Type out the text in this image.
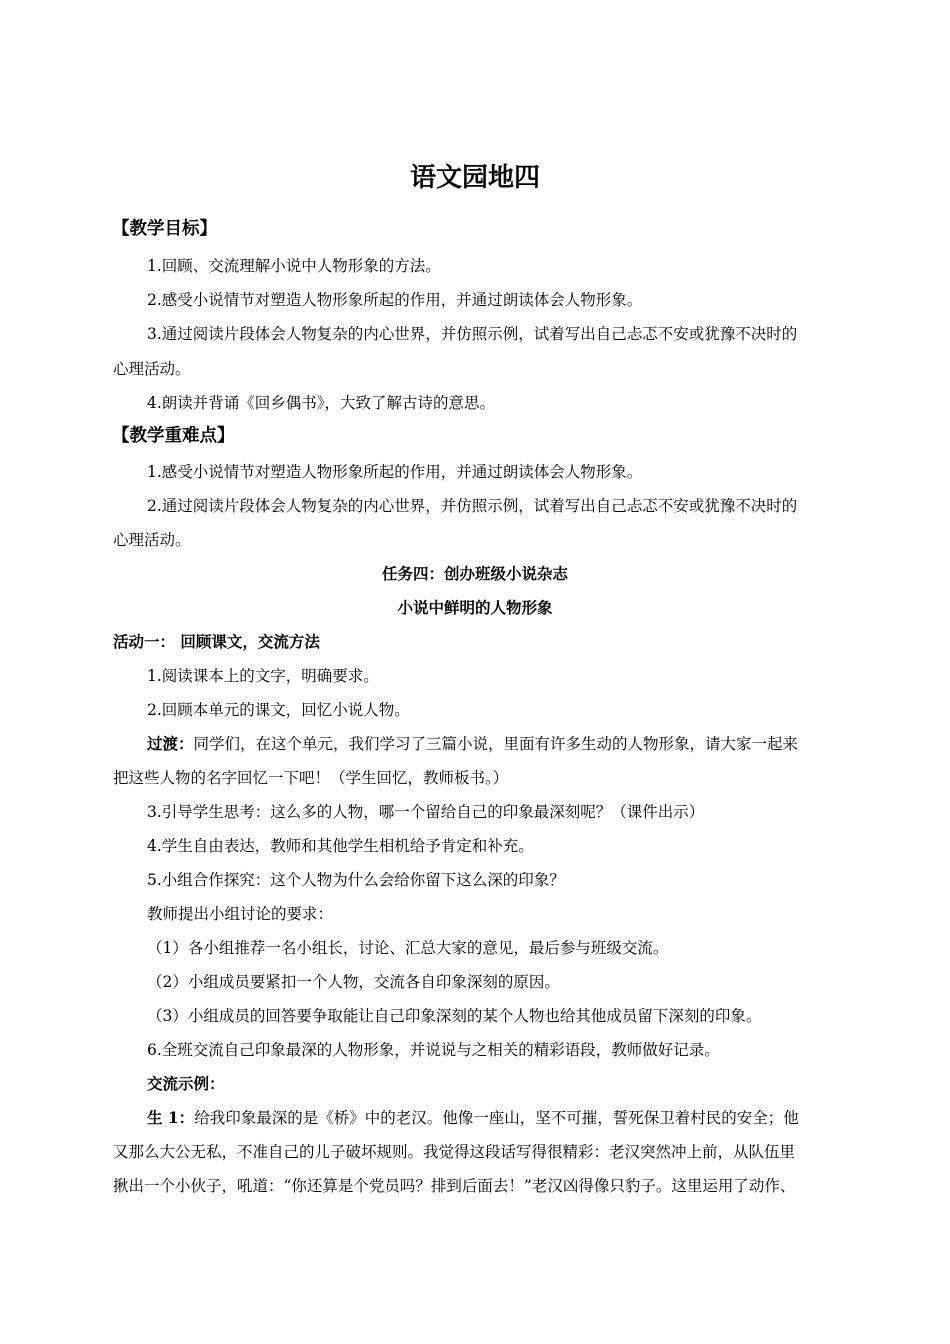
语文园地四
【教学目标】
1.回顾、交流理解小说中人物形象的方法。
2.感受小说情节对塑造人物形象所起的作用，并通过朗读体会人物形象。
3.通过阅读片段体会人物复杂的内心世界，并仿照示例，试着写出自己忐忑不安或犹豫不决时的
心理活动。
4.朗读并背诵《回乡偶书》，大致了解古诗的意思。
【教学重难点】
1.感受小说情节对塑造人物形象所起的作用，并通过朗读体会人物形象。
2.通过阅读片段体会人物复杂的内心世界，并仿照示例，试着写出自己忐忑不安或犹豫不决时的
心理活动。
任务四：创办班级小说杂志
小说中鲜明的人物形象
活动一： 回顾课文，交流方法
1.阅读课本上的文字，明确要求。
2.回顾本单元的课文，回忆小说人物。
过渡：同学们，在这个单元，我们学习了三篇小说，里面有许多生动的人物形象，请大家一起来
把这些人物的名字回忆一下吧！（学生回忆，教师板书。）
3.引导学生思考：这么多的人物，哪一个留给自己的印象最深刻呢？（课件出示）
4.学生自由表达，教师和其他学生相机给予肯定和补充。
5.小组合作探究：这个人物为什么会给你留下这么深的印象？
教师提出小组讨论的要求：
（1）各小组推荐一名小组长，讨论、汇总大家的意见，最后参与班级交流。
（2）小组成员要紧扣一个人物，交流各自印象深刻的原因。
（3）小组成员的回答要争取能让自己印象深刻的某个人物也给其他成员留下深刻的印象。
6.全班交流自己印象最深的人物形象，并说说与之相关的精彩语段，教师做好记录。
交流示例：
生 1：给我印象最深的是《桥》中的老汉。他像一座山，坚不可摧，誓死保卫着村民的安全；他
又那么大公无私，不准自己的儿子破坏规则。我觉得这段话写得很精彩：老汉突然冲上前，从队伍里
揪出一个小伙子，吼道：“你还算是个党员吗？排到后面去！”老汉凶得像只豹子。这里运用了动作、
